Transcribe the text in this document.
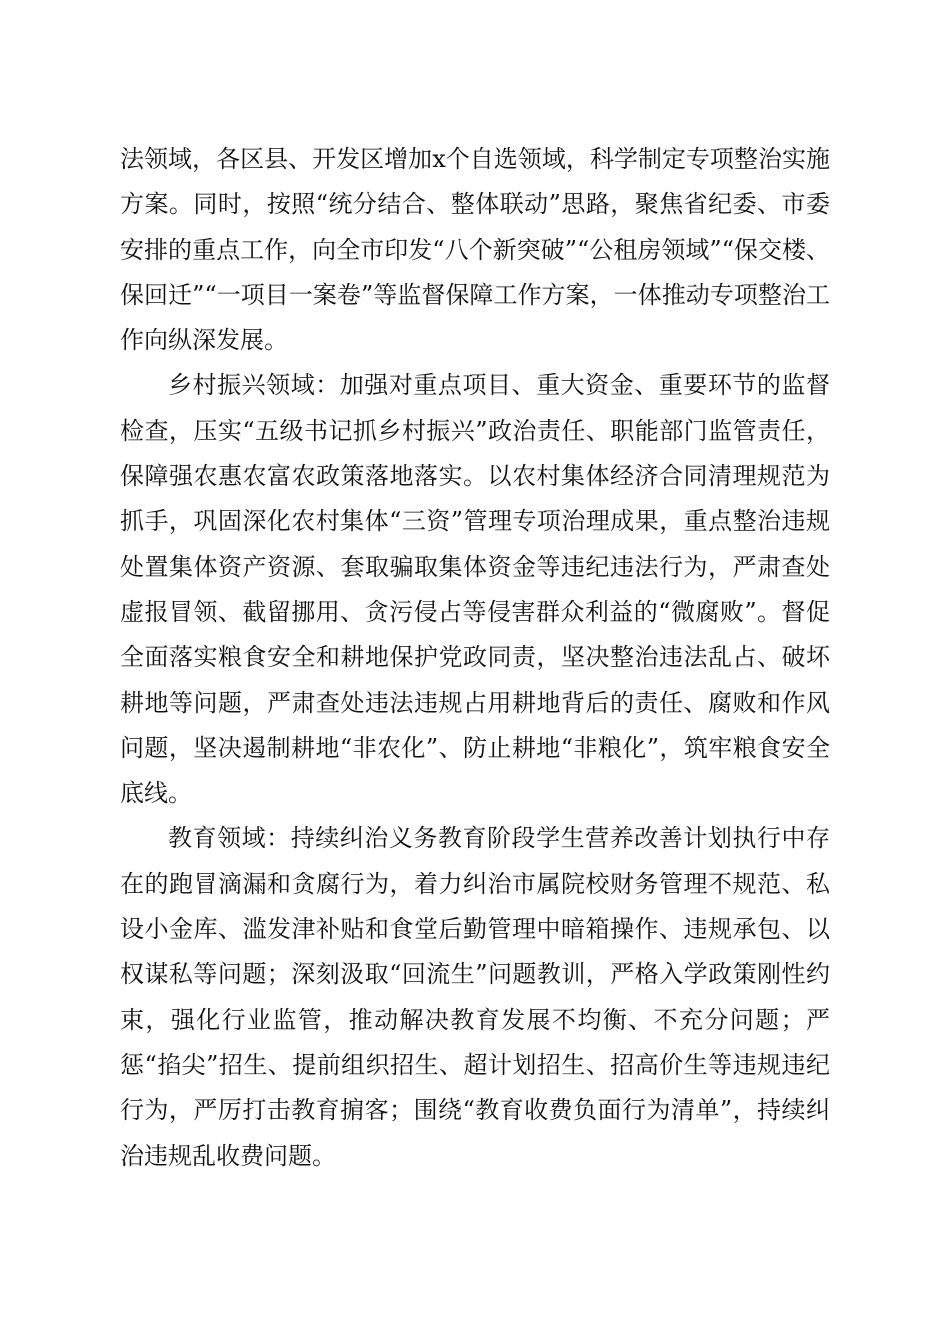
法领域，各区县、开发区增加x个自选领域，科学制定专项整治实施方案。同时，按照“统分结合、整体联动”思路，聚焦省纪委、市委安排的重点工作，向全市印发“八个新突破”“公租房领域”“保交楼、保回迁”“一项目一案卷”等监督保障工作方案，一体推动专项整治工作向纵深发展。

乡村振兴领域：加强对重点项目、重大资金、重要环节的监督检查，压实“五级书记抓乡村振兴”政治责任、职能部门监管责任，保障强农惠农富农政策落地落实。以农村集体经济合同清理规范为抓手，巩固深化农村集体“三资”管理专项治理成果，重点整治违规处置集体资产资源、套取骗取集体资金等违纪违法行为，严肃查处虚报冒领、截留挪用、贪污侵占等侵害群众利益的“微腐败”。督促全面落实粮食安全和耕地保护党政同责，坚决整治违法乱占、破坏耕地等问题，严肃查处违法违规占用耕地背后的责任、腐败和作风问题，坚决遏制耕地“非农化”、防止耕地“非粮化”，筑牢粮食安全底线。

教育领域：持续纠治义务教育阶段学生营养改善计划执行中存在的跑冒滴漏和贪腐行为，着力纠治市属院校财务管理不规范、私设小金库、滥发津补贴和食堂后勤管理中暗箱操作、违规承包、以权谋私等问题；深刻汲取“回流生”问题教训，严格入学政策刚性约束，强化行业监管，推动解决教育发展不均衡、不充分问题；严惩“掐尖”招生、提前组织招生、超计划招生、招高价生等违规违纪行为，严厉打击教育掮客；围绕“教育收费负面行为清单”，持续纠治违规乱收费问题。
